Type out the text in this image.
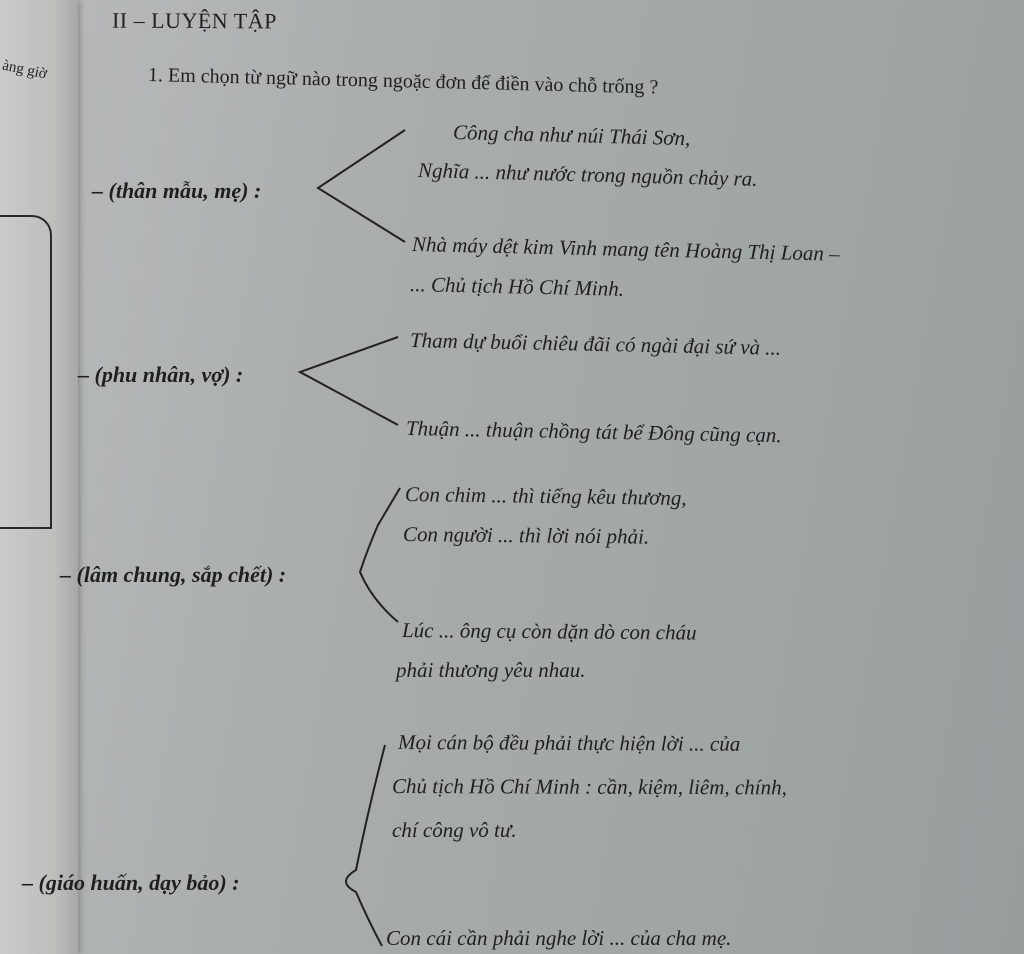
àng giờ
II – LUYỆN TẬP
1. Em chọn từ ngữ nào trong ngoặc đơn để điền vào chỗ trống ?
– (thân mẫu, mẹ) :
Công cha như núi Thái Sơn,
Nghĩa ... như nước trong nguồn chảy ra.
Nhà máy dệt kim Vinh mang tên Hoàng Thị Loan –
... Chủ tịch Hồ Chí Minh.
– (phu nhân, vợ) :
Tham dự buổi chiêu đãi có ngài đại sứ và ...
Thuận ... thuận chồng tát bể Đông cũng cạn.
– (lâm chung, sắp chết) :
Con chim ... thì tiếng kêu thương,
Con người ... thì lời nói phải.
Lúc ... ông cụ còn dặn dò con cháu
phải thương yêu nhau.
– (giáo huấn, dạy bảo) :
Mọi cán bộ đều phải thực hiện lời ... của
Chủ tịch Hồ Chí Minh : cần, kiệm, liêm, chính,
chí công vô tư.
Con cái cần phải nghe lời ... của cha mẹ.
